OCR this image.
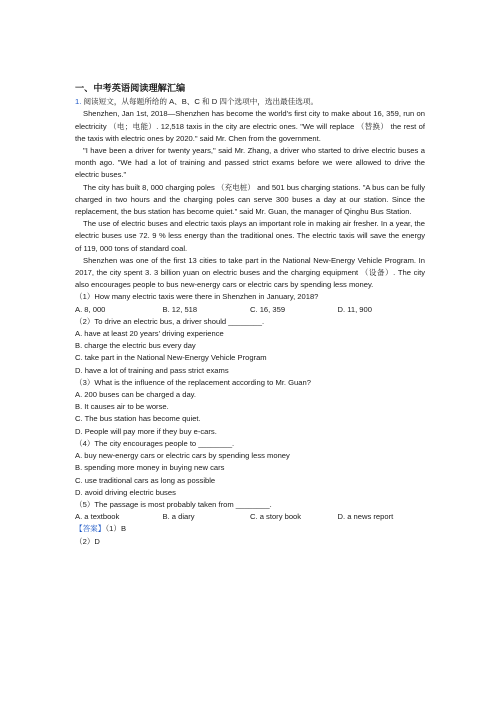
一、中考英语阅读理解汇编

1. 阅读短文，从每题所给的 A、B、C 和 D 四个选项中，选出最佳选项。

Shenzhen, Jan 1st, 2018—Shenzhen has become the world's first city to make about 16, 359, run on electricity （电；电能）. 12,518 taxis in the city are electric ones. "We will replace （替换） the rest of the taxis with electric ones by 2020." said Mr. Chen from the government.

"I have been a driver for twenty years," said Mr. Zhang, a driver who started to drive electric buses a month ago. "We had a lot of training and passed strict exams before we were allowed to drive the electric buses."

The city has built 8, 000 charging poles （充电桩） and 501 bus charging stations. "A bus can be fully charged in two hours and the charging poles can serve 300 buses a day at our station. Since the replacement, the bus station has become quiet." said Mr. Guan, the manager of Qinghu Bus Station.

The use of electric buses and electric taxis plays an important role in making air fresher. In a year, the electric buses use 72. 9 % less energy than the traditional ones. The electric taxis will save the energy of 119, 000 tons of standard coal.

Shenzhen was one of the first 13 cities to take part in the National New-Energy Vehicle Program. In 2017, the city spent 3. 3 billion yuan on electric buses and the charging equipment （设备）. The city also encourages people to bus new-energy cars or electric cars by spending less money.

（1）How many electric taxis were there in Shenzhen in January, 2018?

A. 8, 000	B. 12, 518	C. 16, 359	D. 11, 900

（2）To drive an electric bus, a driver should ________.

A. have at least 20 years' driving experience

B. charge the electric bus every day

C. take part in the National New-Energy Vehicle Program

D. have a lot of training and pass strict exams

（3）What is the influence of the replacement according to Mr. Guan?

A. 200 buses can be charged a day.

B. It causes air to be worse.

C. The bus station has become quiet.

D. People will pay more if they buy e-cars.

（4）The city encourages people to ________.

A. buy new-energy cars or electric cars by spending less money

B. spending more money in buying new cars

C. use traditional cars as long as possible

D. avoid driving electric buses

（5）The passage is most probably taken from ________.

A. a textbook	B. a diary	C. a story book	D. a news report

【答案】（1）B

（2）D
